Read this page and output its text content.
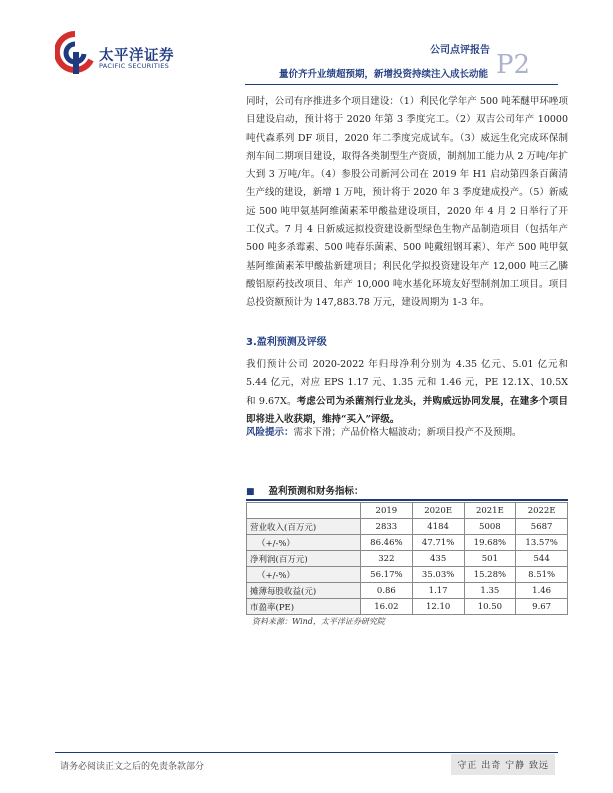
太平洋证券
PACIFIC SECURITIES
公司点评报告 P2
量价齐升业绩超预期，新增投资持续注入成长动能
同时，公司有序推进多个项目建设：（1）利民化学年产 500 吨苯醚甲环唑项目建设启动，预计将于 2020 年第 3 季度完工。（2）双吉公司年产 10000 吨代森系列 DF 项目，2020 年二季度完成试车。（3）威远生化完成环保制剂车间二期项目建设，取得各类制型生产资质，制剂加工能力从 2 万吨/年扩大到 3 万吨/年。（4）参股公司新河公司在 2019 年 H1 启动第四条百菌清生产线的建设，新增 1 万吨，预计将于 2020 年 3 季度建成投产。（5）新威远 500 吨甲氨基阿维菌素苯甲酸盐建设项目，2020 年 4 月 2 日举行了开工仪式。7 月 4 日新威远拟投资建设新型绿色生物产品制造项目（包括年产 500 吨多杀霉素、500 吨春乐菌素、500 吨戴纽钢耳素）、年产 500 吨甲氨基阿维菌素苯甲酸盐新建项目；利民化学拟投资建设年产 12,000 吨三乙膦酸铝原药技改项目、年产 10,000 吨水基化环境友好型制剂加工项目。项目总投资额预计为 147,883.78 万元，建设周期为 1-3 年。
3.盈利预测及评级
我们预计公司 2020-2022 年归母净利分别为 4.35 亿元、5.01 亿元和 5.44 亿元，对应 EPS 1.17 元、1.35 元和 1.46 元，PE 12.1X、10.5X 和 9.67X。考虑公司为杀菌剂行业龙头，并购威远协同发展，在建多个项目即将进入收获期，维持“买入”评级。
风险提示：需求下滑；产品价格大幅波动；新项目投产不及预期。
■ 盈利预测和财务指标：
	2019	2020E	2021E	2022E
营业收入(百万元)	2833	4184	5008	5687
（+/-%）	86.46%	47.71%	19.68%	13.57%
净利润(百万元)	322	435	501	544
（+/-%）	56.17%	35.03%	15.28%	8.51%
摊薄每股收益(元)	0.86	1.17	1.35	1.46
市盈率(PE)	16.02	12.10	10.50	9.67
资料来源：Wind，太平洋证券研究院
请务必阅读正文之后的免责条款部分	守正 出奇 宁静 致远
